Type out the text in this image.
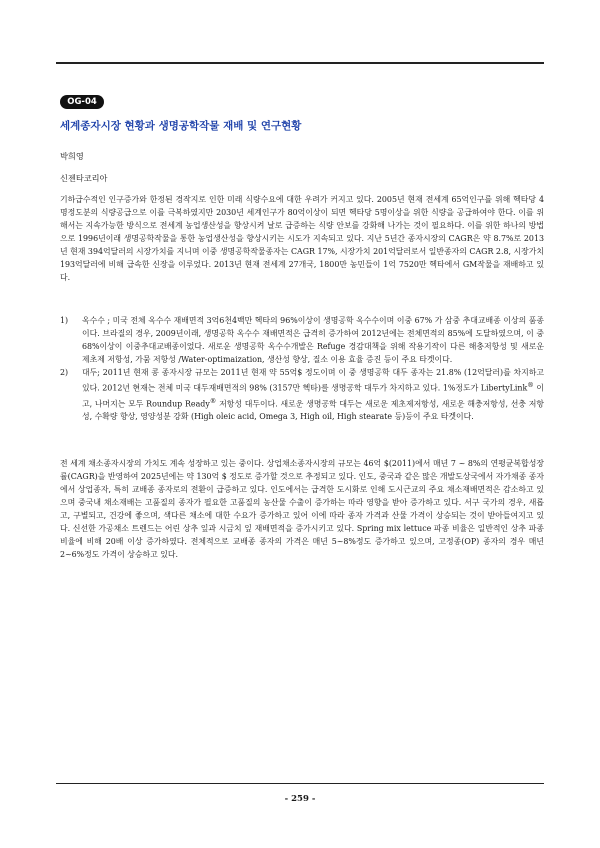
OG-04
세계종자시장 현황과 생명공학작물 재배 및 연구현황
박희영
신젠타코리아

기하급수적인 인구증가와 한정된 경작지로 인한 미래 식량수요에 대한 우려가 커지고 있다. 2005년 현재 전세계 65억인구를 위해 헥타당 4명정도분의 식량공급으로 이를 극복하였지만 2030년 세계인구가 80억이상이 되면 헥타당 5명이상을 위한 식량을 공급하여야 한다. 이를 위해서는 지속가능한 방식으로 전세계 농업생산성을 향상시켜 날로 급증하는 식량 안보를 강화해 나가는 것이 필요하다. 이를 위한 하나의 방법으로 1996년이래 생명공학작물을 통한 농업생산성을 향상시키는 시도가 지속되고 있다. 지난 5년간 종자시장의 CAGR은 약 8.7%로 2013년 현재 394억달러의 시장가치를 지니며 이중 생명공학작물종자는 CAGR 17%, 시장가치 201억달러로서 일반종자의 CAGR 2.8, 시장가치 193억달러에 비해 급속한 신장을 이루었다. 2013년 현재 전세계 27개국, 1800만 농민들이 1억 7520만 헥타에서 GM작물을 재배하고 있다.

1) 옥수수 ; 미국 전체 옥수수 재배면적 3억6천4백만 헥타의 96%이상이 생명공학 옥수수이며 이중 67% 가 삼중 추대교배종 이상의 품종이다. 브라질의 경우, 2009년이래, 생명공학 옥수수 재배면적은 급격히 증가하여 2012년에는 전체면적의 85%에 도달하였으며, 이 중 68%이상이 이중추대교배종이었다. 새로운 생명공학 옥수수개발은 Refuge 경감대책을 위해 작용기작이 다른 해충저항성 및 새로운 제초제 저항성, 가뭄 저항성 /Water-optimaization, 생산성 향상, 질소 이용 효율 증진 등이 주요 타겟이다.
2) 대두; 2011년 현재 콩 종자시장 규모는 2011년 현재 약 55억$ 정도이며 이 중 생명공학 대두 종자는 21.8% (12억달러)를 차지하고 있다. 2012년 현재는 전체 미국 대두재배면적의 98% (3157만 헥타)를 생명공학 대두가 차지하고 있다. 1%정도가 LibertyLink® 이고, 나머지는 모두 Roundup Ready® 저항성 대두이다. 새로운 생명공학 대두는 새로운 제초제저항성, 새로운 해충저항성, 선충 저항성, 수확량 향상, 영양성분 강화 (High oleic acid, Omega 3, High oil, High stearate 등)등이 주요 타겟이다.

전 세계 채소종자시장의 가치도 계속 성장하고 있는 중이다. 상업채소종자시장의 규모는 46억 $(2011)에서 매년 7 ~ 8%의 연평균복합성장률(CAGR)을 반영하여 2025년에는 약 130억 $ 정도로 증가할 것으로 추정되고 있다. 인도, 중국과 같은 많은 개발도상국에서 자가채종 종자에서 상업종자, 특히 교배종 종자로의 전환이 급증하고 있다. 인도에서는 급격한 도시화로 인해 도시근교의 주요 채소재배면적은 감소하고 있으며 중국내 채소재배는 고품질의 종자가 필요한 고품질의 농산물 수출이 증가하는 따라 영향을 받아 증가하고 있다. 서구 국가의 경우, 새롭고, 구별되고, 건강에 좋으며, 색다른 채소에 대한 수요가 증가하고 있어 이에 따라 종자 가격과 산물 가격이 상승되는 것이 받아들여지고 있다. 신선한 가공채소 트렌드는 어린 상추 잎과 시금치 잎 재배면적을 증가시키고 있다. Spring mix lettuce 파종 비율은 일반적인 상추 파종비율에 비해 20배 이상 증가하였다. 전체적으로 교배종 종자의 가격은 매년 5~8%정도 증가하고 있으며, 고정종(OP) 종자의 경우 매년 2~6%정도 가격이 상승하고 있다.

- 259 -
